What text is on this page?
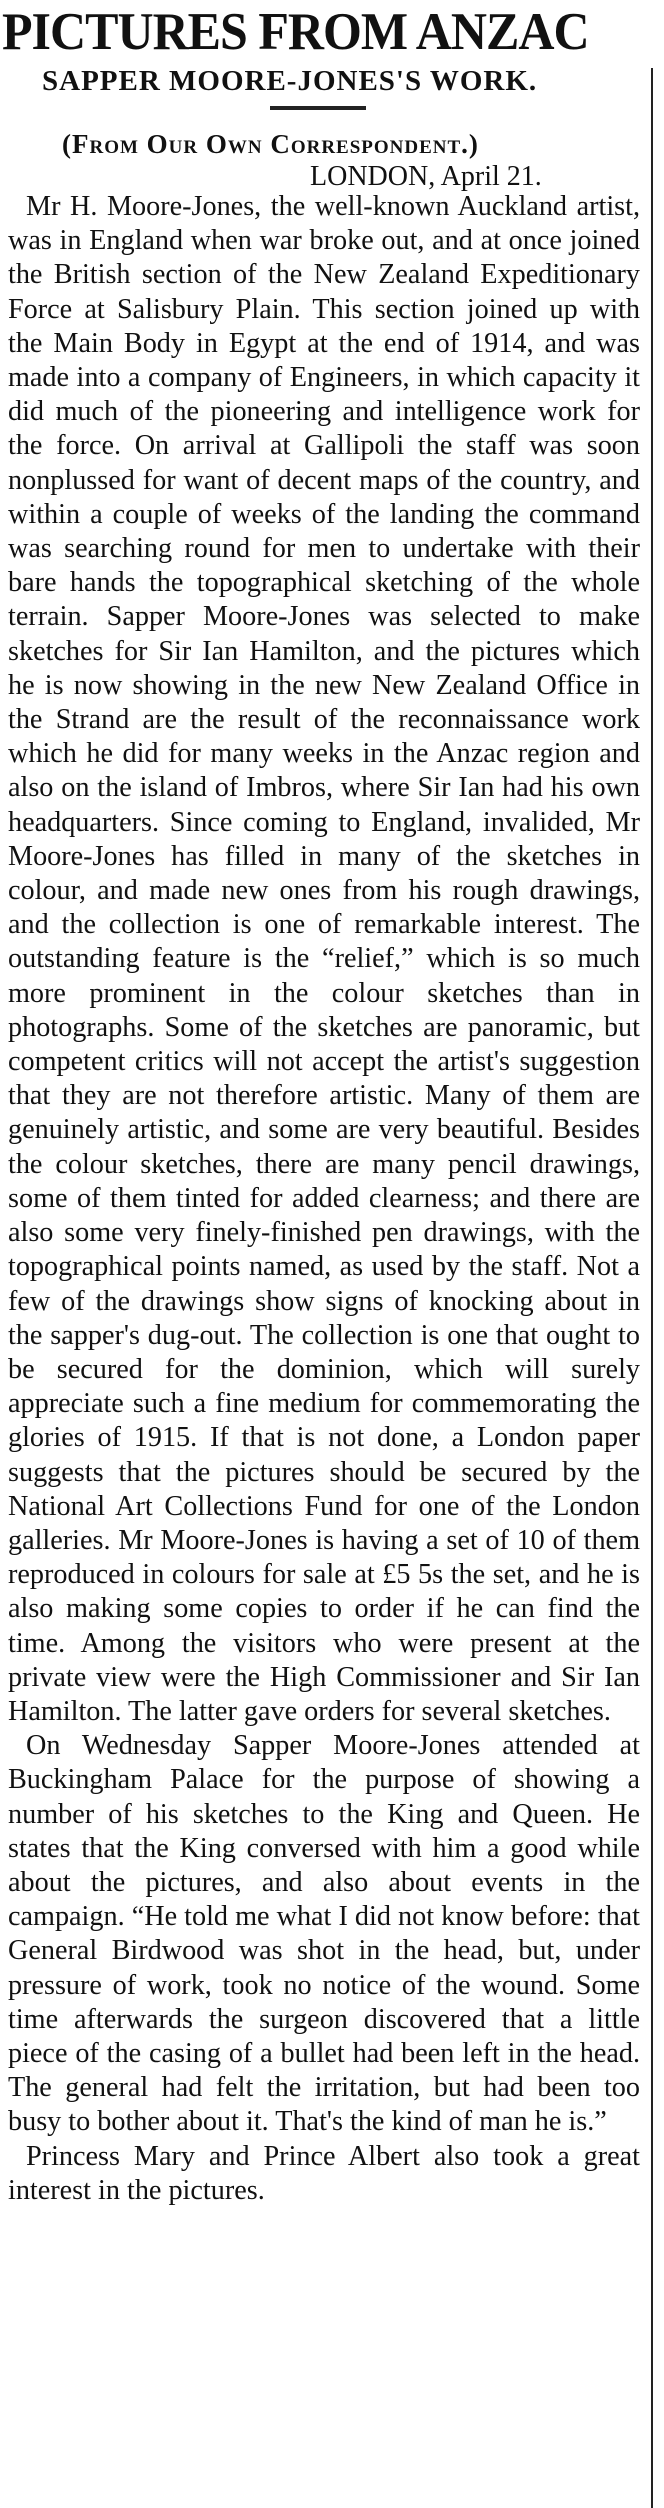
PICTURES FROM ANZAC
SAPPER MOORE-JONES'S WORK.
(From Our Own Correspondent.)
LONDON, April 21.

Mr H. Moore-Jones, the well-known Auckland artist, was in England when war broke out, and at once joined the British section of the New Zealand Expeditionary Force at Salisbury Plain. This section joined up with the Main Body in Egypt at the end of 1914, and was made into a company of Engineers, in which capacity it did much of the pioneering and intelligence work for the force. On arrival at Gallipoli the staff was soon nonplussed for want of decent maps of the country, and within a couple of weeks of the landing the command was searching round for men to undertake with their bare hands the topographical sketching of the whole terrain. Sapper Moore-Jones was selected to make sketches for Sir Ian Hamilton, and the pictures which he is now showing in the new New Zealand Office in the Strand are the result of the reconnaissance work which he did for many weeks in the Anzac region and also on the island of Imbros, where Sir Ian had his own headquarters. Since coming to England, invalided, Mr Moore-Jones has filled in many of the sketches in colour, and made new ones from his rough drawings, and the collection is one of remarkable interest. The outstanding feature is the “relief,” which is so much more prominent in the colour sketches than in photographs. Some of the sketches are panoramic, but competent critics will not accept the artist's suggestion that they are not therefore artistic. Many of them are genuinely artistic, and some are very beautiful. Besides the colour sketches, there are many pencil drawings, some of them tinted for added clearness; and there are also some very finely-finished pen drawings, with the topographical points named, as used by the staff. Not a few of the drawings show signs of knocking about in the sapper's dug-out. The collection is one that ought to be secured for the dominion, which will surely appreciate such a fine medium for commemorating the glories of 1915. If that is not done, a London paper suggests that the pictures should be secured by the National Art Collections Fund for one of the London galleries. Mr Moore-Jones is having a set of 10 of them reproduced in colours for sale at £5 5s the set, and he is also making some copies to order if he can find the time. Among the visitors who were present at the private view were the High Commissioner and Sir Ian Hamilton. The latter gave orders for several sketches.

On Wednesday Sapper Moore-Jones attended at Buckingham Palace for the purpose of showing a number of his sketches to the King and Queen. He states that the King conversed with him a good while about the pictures, and also about events in the campaign. “He told me what I did not know before: that General Birdwood was shot in the head, but, under pressure of work, took no notice of the wound. Some time afterwards the surgeon discovered that a little piece of the casing of a bullet had been left in the head. The general had felt the irritation, but had been too busy to bother about it. That's the kind of man he is.”

Princess Mary and Prince Albert also took a great interest in the pictures.
